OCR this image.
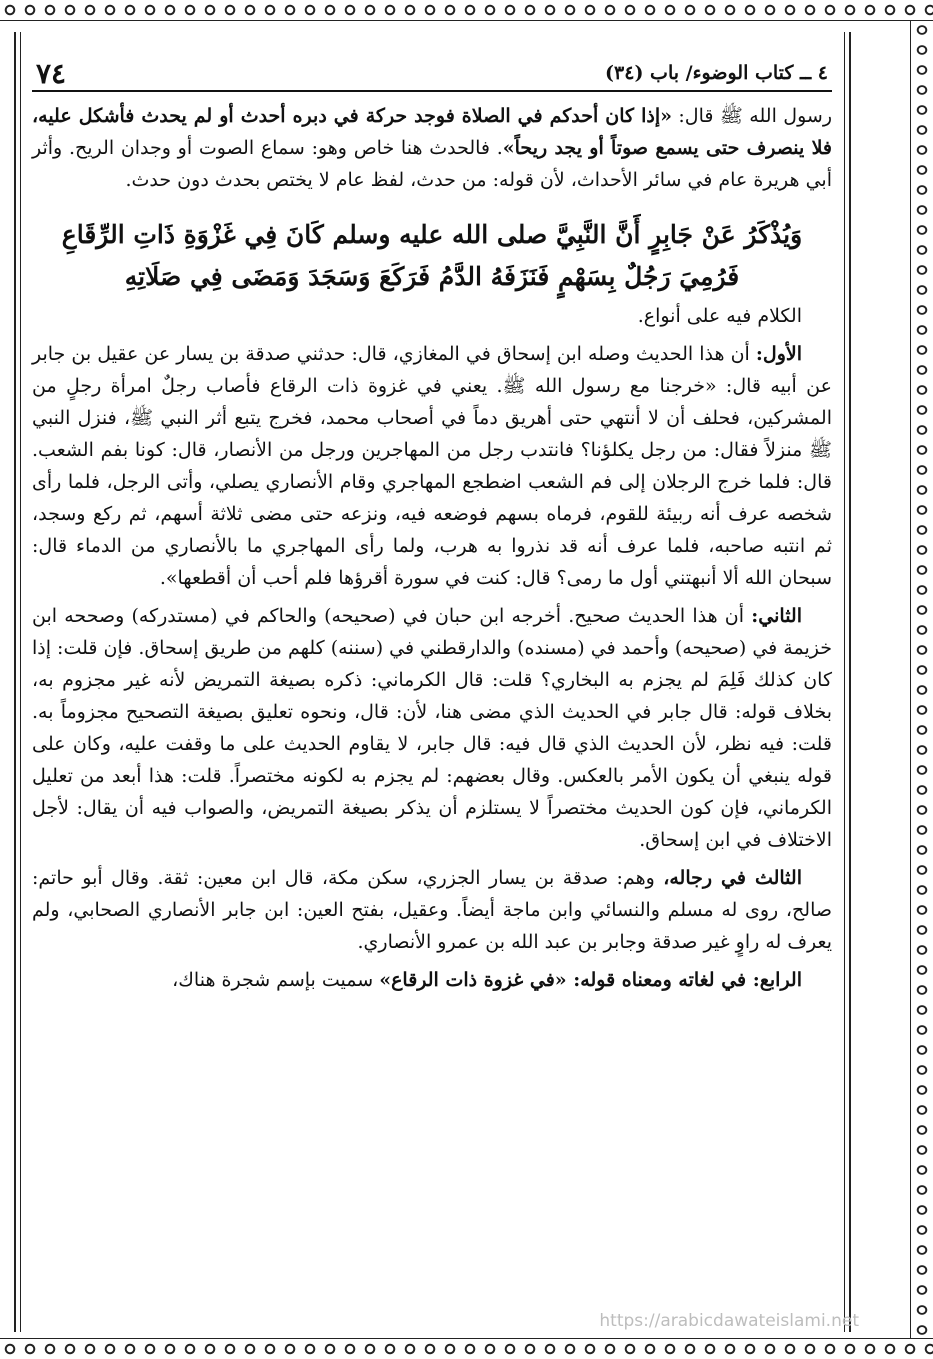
٤ ــ كتاب الوضوء/ باب (٣٤)
٧٤

رسول الله ﷺ قال: «إذا كان أحدكم في الصلاة فوجد حركة في دبره أحدث أو لم يحدث فأشكل عليه، فلا ينصرف حتى يسمع صوتاً أو يجد ريحاً». فالحدث هنا خاص وهو: سماع الصوت أو وجدان الريح. وأثر أبي هريرة عام في سائر الأحداث، لأن قوله: من حدث، لفظ عام لا يختص بحدث دون حدث.

وَيُذْكَرُ عَنْ جَابِرٍ أَنَّ النَّبِيَّ صلى الله عليه وسلم كَانَ فِي غَزْوَةِ ذَاتِ الرِّقَاعِ فَرُمِيَ رَجُلٌ بِسَهْمٍ فَنَزَفَهُ الدَّمُ فَرَكَعَ وَسَجَدَ وَمَضَى فِي صَلَاتِهِ

الكلام فيه على أنواع.

الأول: أن هذا الحديث وصله ابن إسحاق في المغازي، قال: حدثني صدقة بن يسار عن عقيل بن جابر عن أبيه قال: «خرجنا مع رسول الله ﷺ. يعني في غزوة ذات الرقاع فأصاب رجلٌ امرأة رجلٍ من المشركين، فحلف أن لا أنتهي حتى أهريق دماً في أصحاب محمد، فخرج يتبع أثر النبي ﷺ، فنزل النبي ﷺ منزلاً فقال: من رجل يكلؤنا؟ فانتدب رجل من المهاجرين ورجل من الأنصار، قال: كونا بفم الشعب. قال: فلما خرج الرجلان إلى فم الشعب اضطجع المهاجري وقام الأنصاري يصلي، وأتى الرجل، فلما رأى شخصه عرف أنه ربيئة للقوم، فرماه بسهم فوضعه فيه، ونزعه حتى مضى ثلاثة أسهم، ثم ركع وسجد، ثم انتبه صاحبه، فلما عرف أنه قد نذروا به هرب، ولما رأى المهاجري ما بالأنصاري من الدماء قال: سبحان الله ألا أنبهتني أول ما رمى؟ قال: كنت في سورة أقرؤها فلم أحب أن أقطعها».

الثاني: أن هذا الحديث صحيح. أخرجه ابن حبان في (صحيحه) والحاكم في (مستدركه) وصححه ابن خزيمة في (صحيحه) وأحمد في (مسنده) والدارقطني في (سننه) كلهم من طريق إسحاق. فإن قلت: إذا كان كذلك فَلِمَ لم يجزم به البخاري؟ قلت: قال الكرماني: ذكره بصيغة التمريض لأنه غير مجزوم به، بخلاف قوله: قال جابر في الحديث الذي مضى هنا، لأن: قال، ونحوه تعليق بصيغة التصحيح مجزوماً به. قلت: فيه نظر، لأن الحديث الذي قال فيه: قال جابر، لا يقاوم الحديث على ما وقفت عليه، وكان على قوله ينبغي أن يكون الأمر بالعكس. وقال بعضهم: لم يجزم به لكونه مختصراً. قلت: هذا أبعد من تعليل الكرماني، فإن كون الحديث مختصراً لا يستلزم أن يذكر بصيغة التمريض، والصواب فيه أن يقال: لأجل الاختلاف في ابن إسحاق.

الثالث في رجاله، وهم: صدقة بن يسار الجزري، سكن مكة، قال ابن معين: ثقة. وقال أبو حاتم: صالح، روى له مسلم والنسائي وابن ماجة أيضاً. وعقيل، بفتح العين: ابن جابر الأنصاري الصحابي، ولم يعرف له راوٍ غير صدقة وجابر بن عبد الله بن عمرو الأنصاري.

الرابع: في لغاته ومعناه قوله: «في غزوة ذات الرقاع» سميت بإسم شجرة هناك،

https://arabicdawateislami.net
